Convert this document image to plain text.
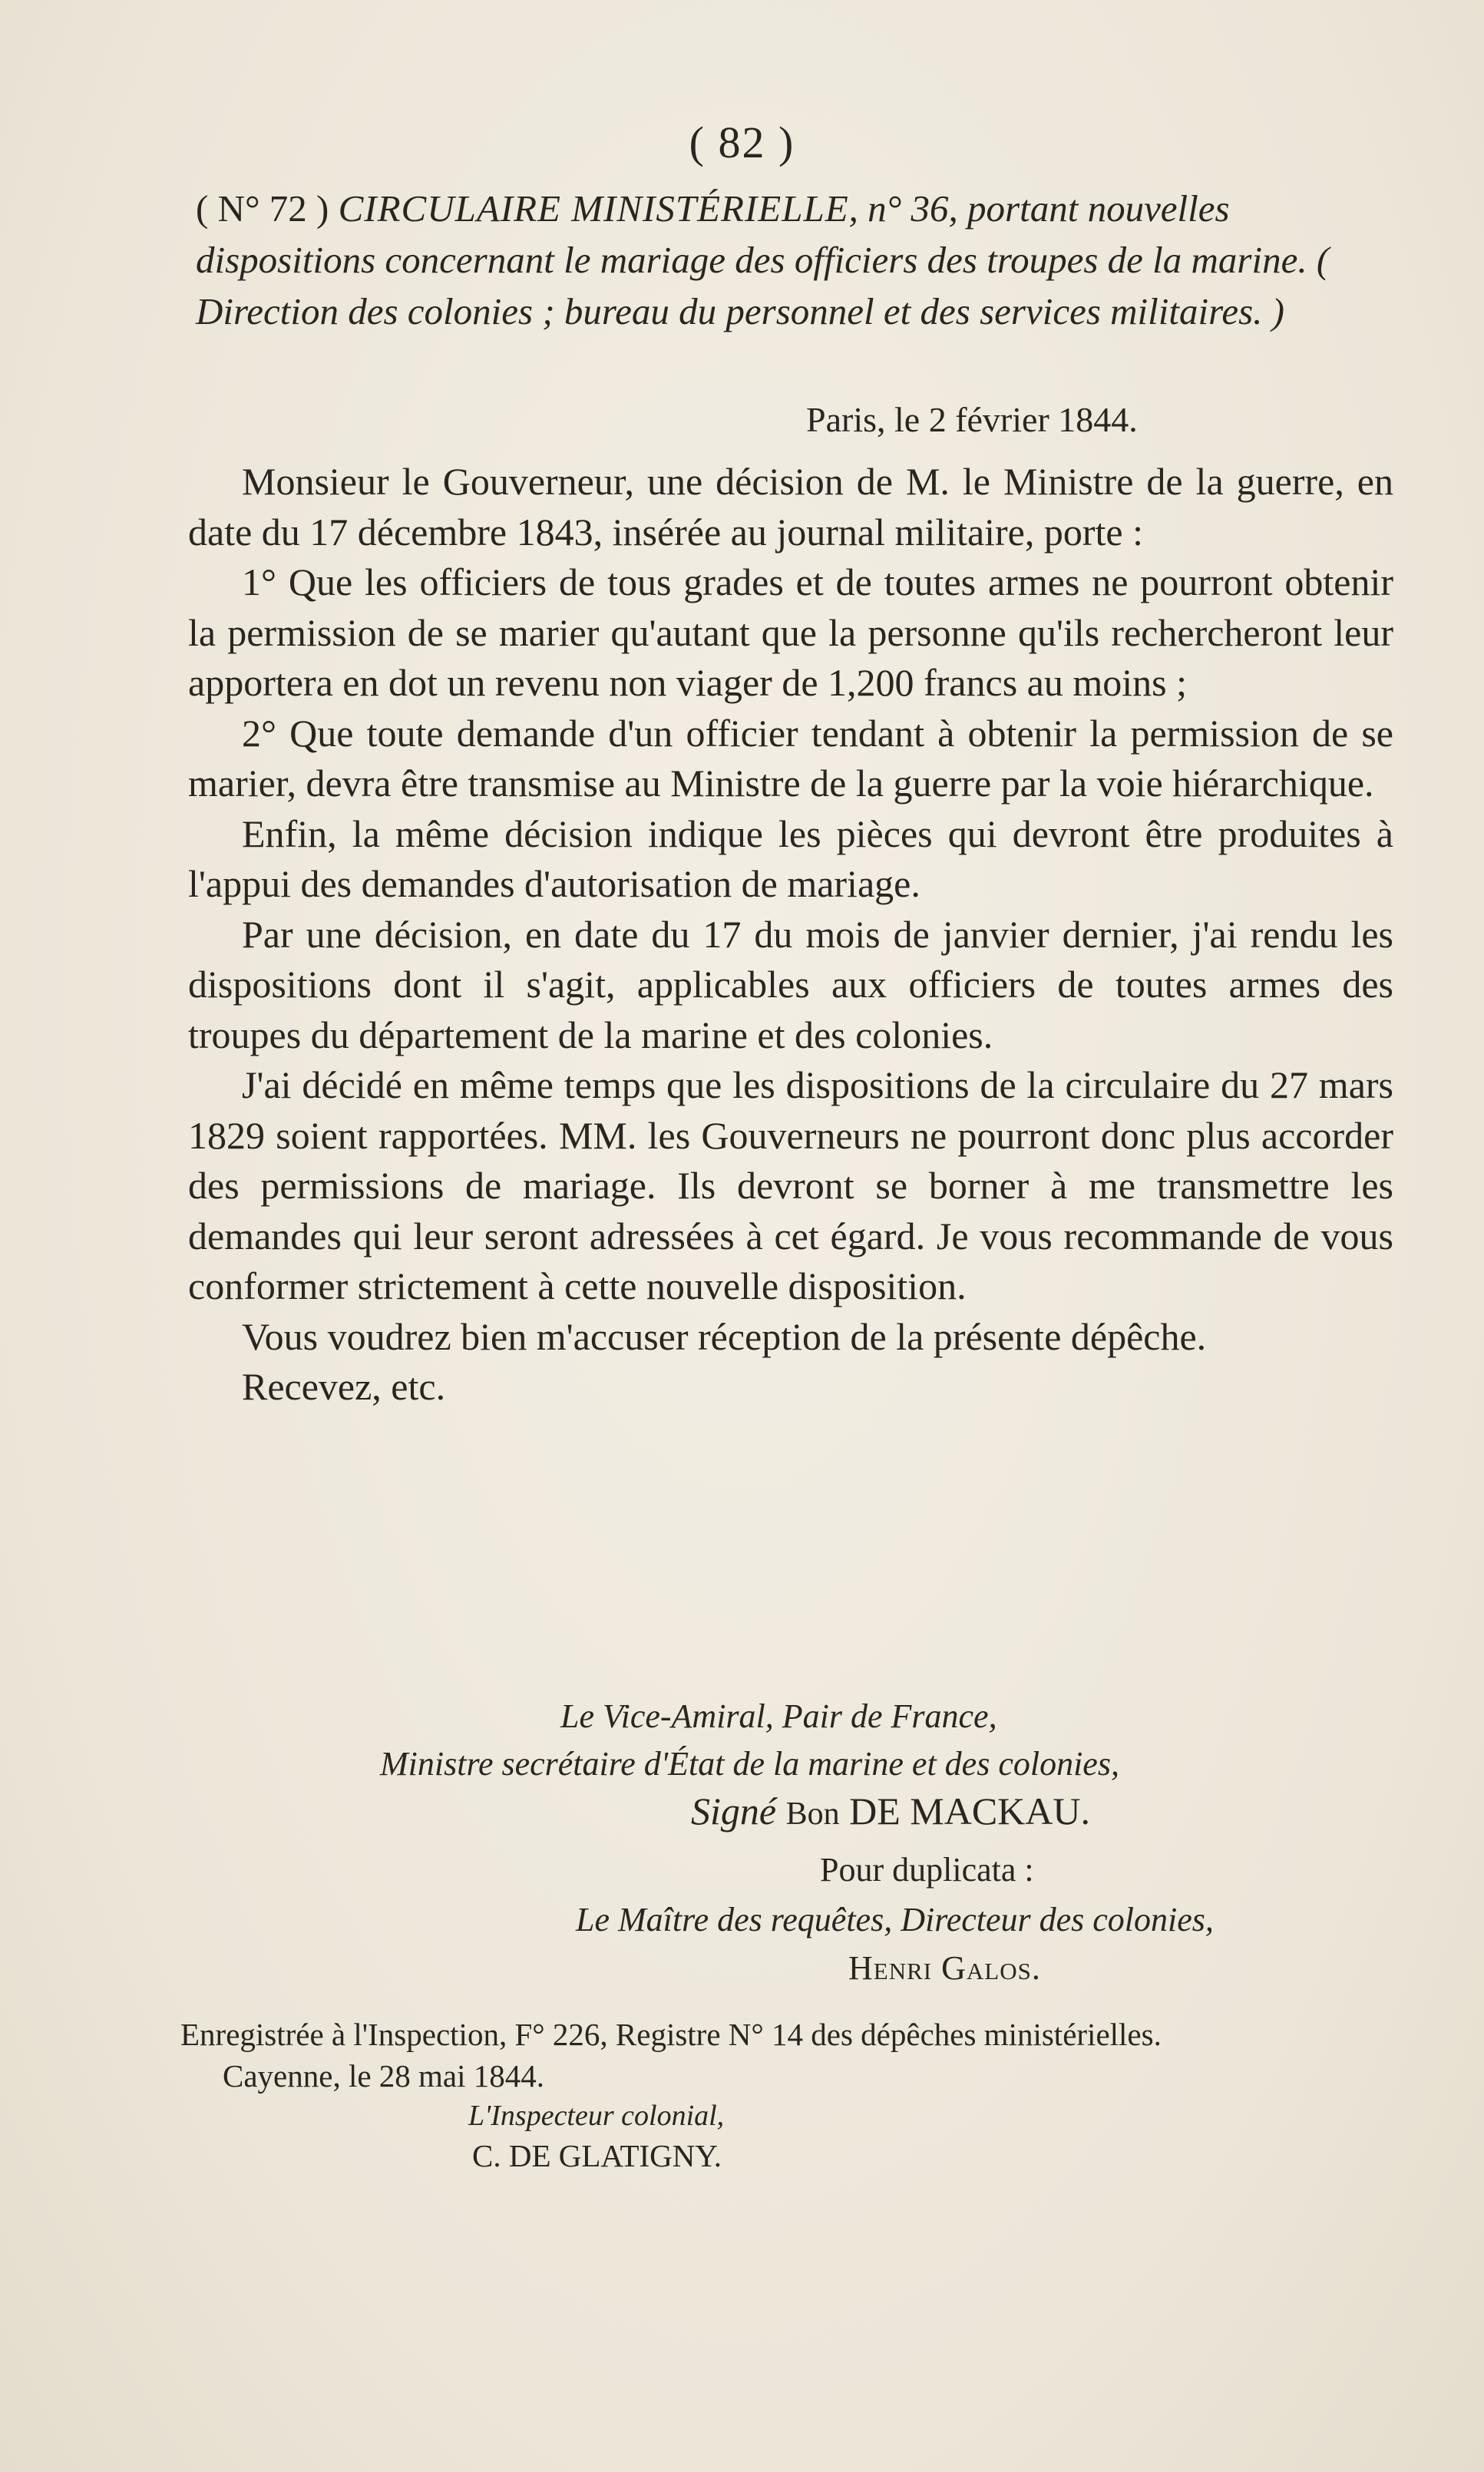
( 82 )
( N° 72 ) CIRCULAIRE MINISTÉRIELLE, n° 36, portant nouvelles dispositions concernant le mariage des officiers des troupes de la marine. ( Direction des colonies ; bureau du personnel et des services militaires. )
Paris, le 2 février 1844.

Monsieur le Gouverneur, une décision de M. le Ministre de la guerre, en date du 17 décembre 1843, insérée au journal militaire, porte :

1° Que les officiers de tous grades et de toutes armes ne pourront obtenir la permission de se marier qu'autant que la personne qu'ils rechercheront leur apportera en dot un revenu non viager de 1,200 francs au moins ;

2° Que toute demande d'un officier tendant à obtenir la permission de se marier, devra être transmise au Ministre de la guerre par la voie hiérarchique.

Enfin, la même décision indique les pièces qui devront être produites à l'appui des demandes d'autorisation de mariage.

Par une décision, en date du 17 du mois de janvier dernier, j'ai rendu les dispositions dont il s'agit, applicables aux officiers de toutes armes des troupes du département de la marine et des colonies.

J'ai décidé en même temps que les dispositions de la circulaire du 27 mars 1829 soient rapportées. MM. les Gouverneurs ne pourront donc plus accorder des permissions de mariage. Ils devront se borner à me transmettre les demandes qui leur seront adressées à cet égard. Je vous recommande de vous conformer strictement à cette nouvelle disposition.

Vous voudrez bien m'accuser réception de la présente dépêche.

Recevez, etc.

Le Vice-Amiral, Pair de France,
Ministre secrétaire d'État de la marine et des colonies,
Signé Bon DE MACKAU.
Pour duplicata :
Le Maître des requêtes, Directeur des colonies,
Henri Galos.
Enregistrée à l'Inspection, F° 226, Registre N° 14 des dépêches ministérielles.
Cayenne, le 28 mai 1844.
L'Inspecteur colonial,
C. DE GLATIGNY.
